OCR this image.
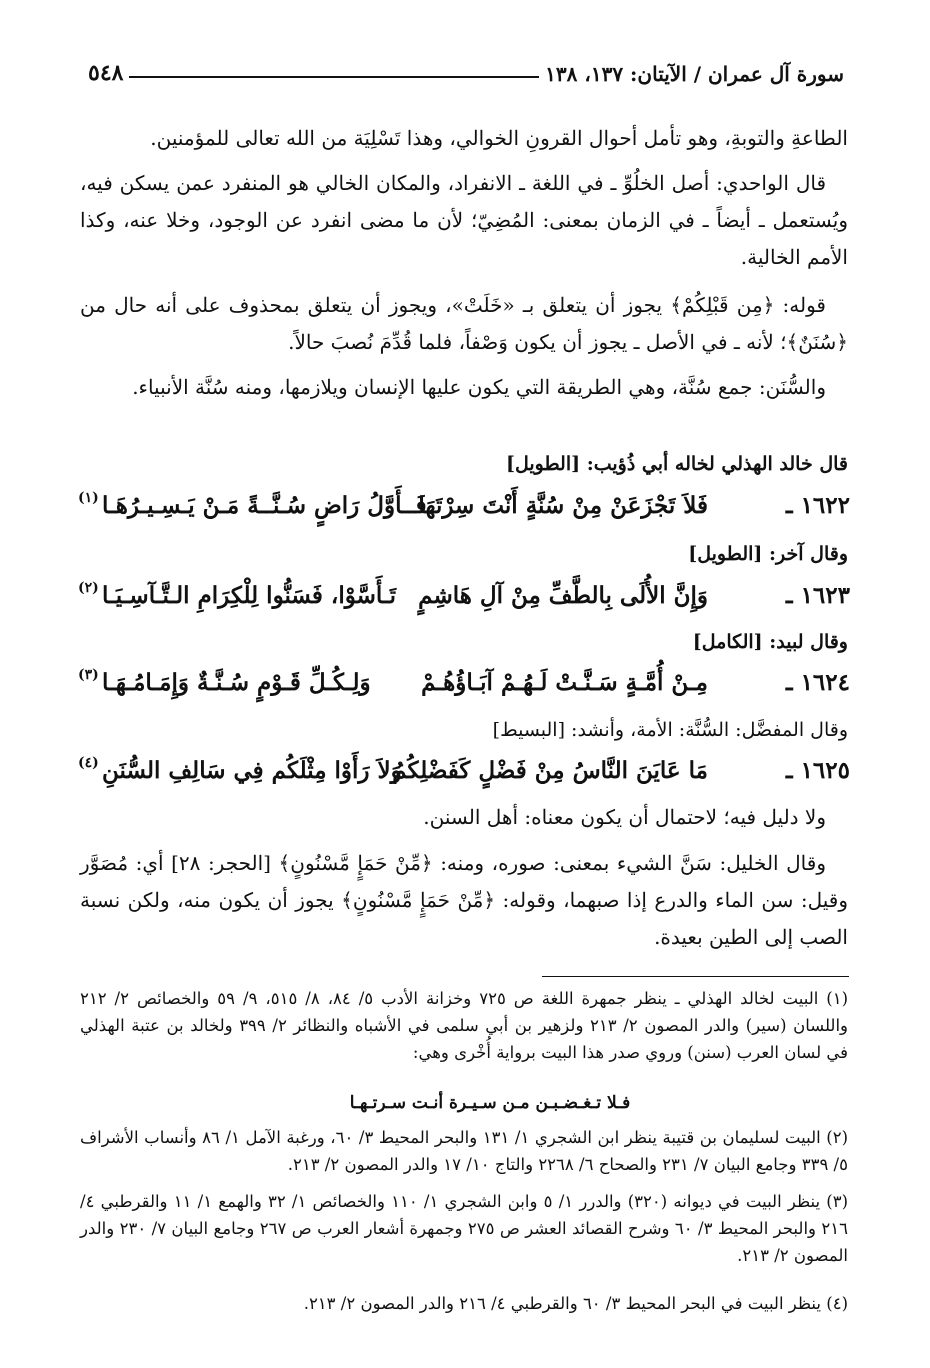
سورة آل عمران / الآيتان: ١٣٧، ١٣٨
٥٤٨

الطاعةِ والتوبةِ، وهو تأمل أحوال القرونِ الخوالي، وهذا تَسْلِيَة من الله تعالى للمؤمنين.

قال الواحدي: أصل الخلُوِّ ـ في اللغة ـ الانفراد، والمكان الخالي هو المنفرد عمن يسكن فيه، ويُستعمل ـ أيضاً ـ في الزمان بمعنى: المُضِيّ؛ لأن ما مضى انفرد عن الوجود، وخلا عنه، وكذا الأمم الخالية.

قوله: ﴿مِن قَبْلِكُمْ﴾ يجوز أن يتعلق بـ «خَلَتْ»، ويجوز أن يتعلق بمحذوف على أنه حال من ﴿سُنَنٌ﴾؛ لأنه ـ في الأصل ـ يجوز أن يكون وَصْفاً، فلما قُدِّمَ نُصبَ حالاً.

والسُّنَن: جمع سُنَّة، وهي الطريقة التي يكون عليها الإنسان ويلازمها، ومنه سُنَّة الأنبياء.

قال خالد الهذلي لخاله أبي ذُؤيب: [الطويل]

١٦٢٢ ـ
فَلاَ تَجْزَعَنْ مِنْ سُنَّةٍ أَنْتَ سِرْتَهَا
فَــأَوَّلُ رَاضٍ سُـنَّــةً مَـنْ يَـسِـيـرُهَـا
(١)

وقال آخر: [الطويل]

١٦٢٣ ـ
وَإِنَّ الأُلَى بِالطَّفِّ مِنْ آلِ هَاشِمٍ
تَـأَسَّوْا، فَسَنُّوا لِلْكِرَامِ الـتَّـآسِـيَـا
(٢)

وقال لبيد: [الكامل]

١٦٢٤ ـ
مِـنْ أُمَّـةٍ سَـنَّـتْ لَـهُـمْ آبَـاؤُهُـمْ
وَلِـكُـلِّ قَـوْمٍ سُـنَّـةٌ وَإِمَـامُـهَـا
(٣)

وقال المفضَّل: السُّنَّة: الأمة، وأنشد: [البسيط]

١٦٢٥ ـ
مَا عَايَنَ النَّاسُ مِنْ فَضْلٍ كَفَضْلِكُمُ
وَلاَ رَأَوْا مِثْلَكُم فِي سَالِفِ السُّنَنِ
(٤)

ولا دليل فيه؛ لاحتمال أن يكون معناه: أهل السنن.

وقال الخليل: سَنَّ الشيء بمعنى: صوره، ومنه: ﴿مِّنْ حَمَإٍ مَّسْنُونٍ﴾ [الحجر: ٢٨] أي: مُصَوَّر وقيل: سن الماء والدرع إذا صبهما، وقوله: ﴿مِّنْ حَمَإٍ مَّسْنُونٍ﴾ يجوز أن يكون منه، ولكن نسبة الصب إلى الطين بعيدة.

(١) البيت لخالد الهذلي ـ ينظر جمهرة اللغة ص ٧٢٥ وخزانة الأدب ٥/ ٨٤، ٨/ ٥١٥، ٩/ ٥٩ والخصائص ٢/ ٢١٢ واللسان (سير) والدر المصون ٢/ ٢١٣ ولزهير بن أبي سلمى في الأشباه والنظائر ٢/ ٣٩٩ ولخالد بن عتبة الهذلي في لسان العرب (سنن) وروي صدر هذا البيت برواية أُخْرى وهي:

فـلا تـغـضـبـن مـن سـيـرة أنـت سـرتـهـا

(٢) البيت لسليمان بن قتيبة ينظر ابن الشجري ١/ ١٣١ والبحر المحيط ٣/ ٦٠، ورغبة الآمل ١/ ٨٦ وأنساب الأشراف ٥/ ٣٣٩ وجامع البيان ٧/ ٢٣١ والصحاح ٦/ ٢٢٦٨ والتاج ١٠/ ١٧ والدر المصون ٢/ ٢١٣.

(٣) ينظر البيت في ديوانه (٣٢٠) والدرر ١/ ٥ وابن الشجري ١/ ١١٠ والخصائص ١/ ٣٢ والهمع ١/ ١١ والقرطبي ٤/ ٢١٦ والبحر المحيط ٣/ ٦٠ وشرح القصائد العشر ص ٢٧٥ وجمهرة أشعار العرب ص ٢٦٧ وجامع البيان ٧/ ٢٣٠ والدر المصون ٢/ ٢١٣.

(٤) ينظر البيت في البحر المحيط ٣/ ٦٠ والقرطبي ٤/ ٢١٦ والدر المصون ٢/ ٢١٣.
